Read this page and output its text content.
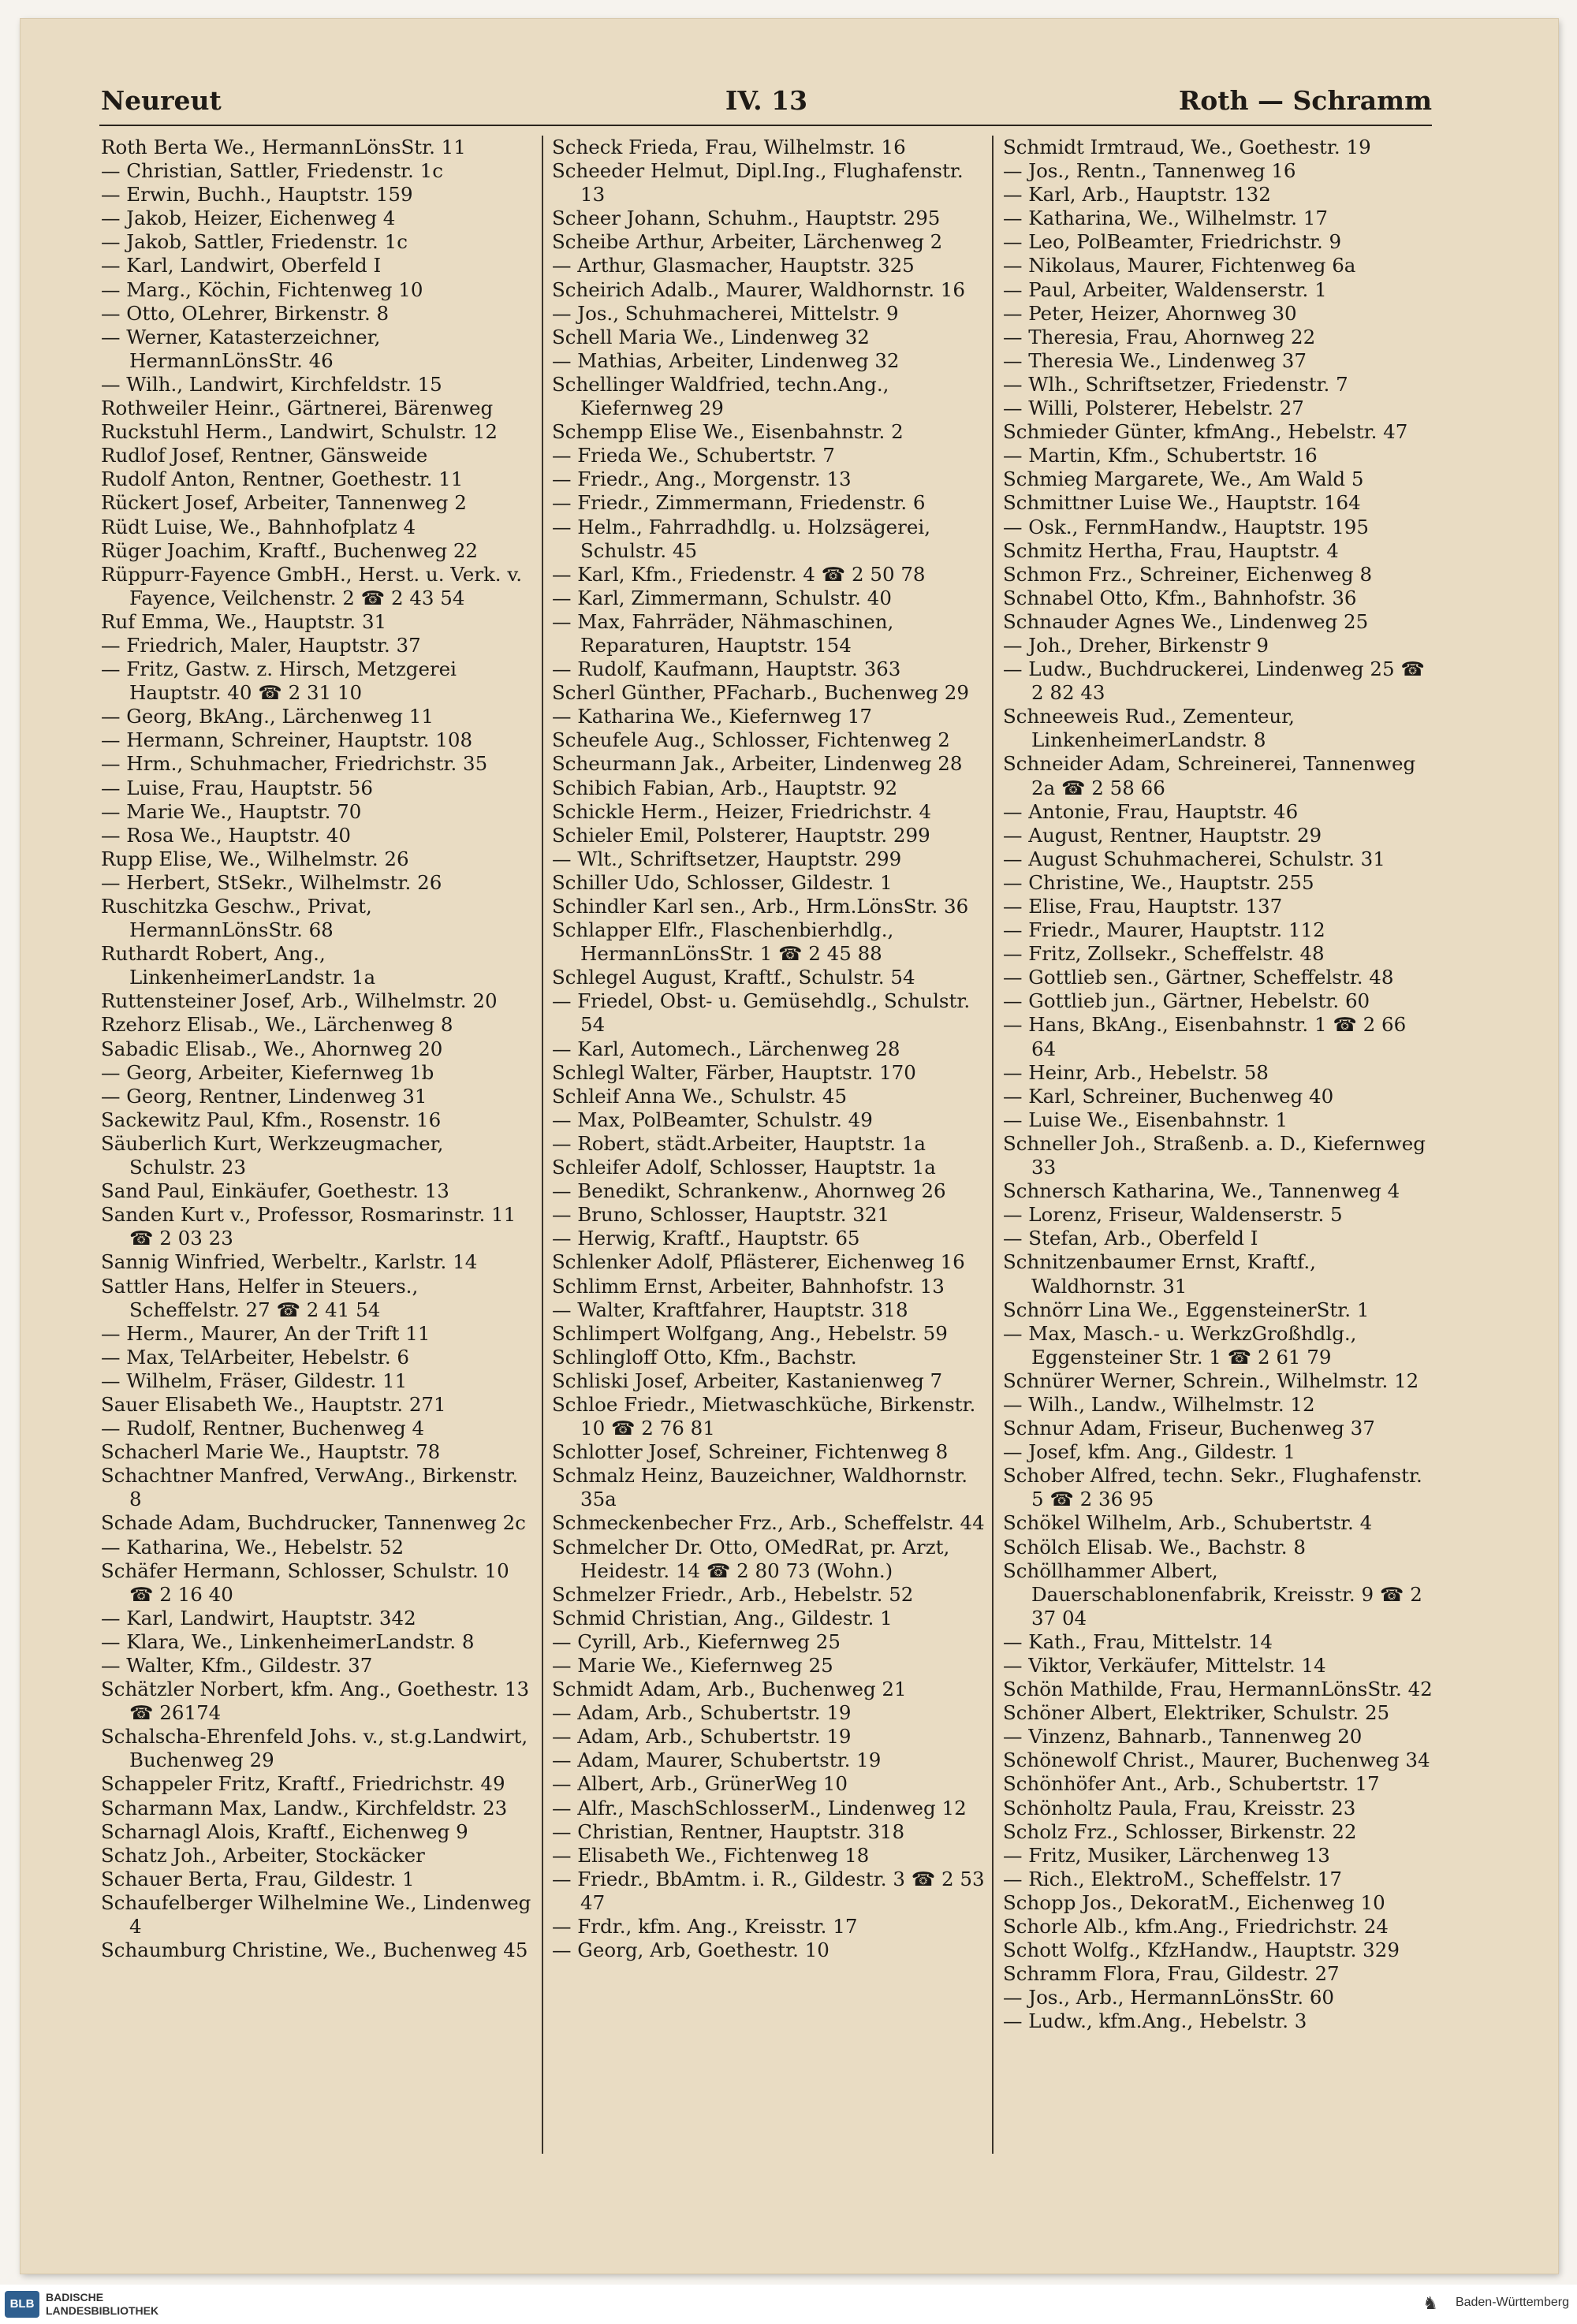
Neureut	IV. 13	Roth — Schramm
Roth Berta We., HermannLönsStr. 11
— Christian, Sattler, Friedenstr. 1c
— Erwin, Buchh., Hauptstr. 159
— Jakob, Heizer, Eichenweg 4
— Jakob, Sattler, Friedenstr. 1c
— Karl, Landwirt, Oberfeld I
— Marg., Köchin, Fichtenweg 10
— Otto, OLehrer, Birkenstr. 8
— Werner, Katasterzeichner, HermannLönsStr. 46
— Wilh., Landwirt, Kirchfeldstr. 15
Rothweiler Heinr., Gärtnerei, Bärenweg
Ruckstuhl Herm., Landwirt, Schulstr. 12
Rudlof Josef, Rentner, Gänsweide
Rudolf Anton, Rentner, Goethestr. 11
Rückert Josef, Arbeiter, Tannenweg 2
Rüdt Luise, We., Bahnhofplatz 4
Rüger Joachim, Kraftf., Buchenweg 22
Rüppurr-Fayence GmbH., Herst. u. Verk. v. Fayence, Veilchenstr. 2 ☎ 2 43 54
Ruf Emma, We., Hauptstr. 31
— Friedrich, Maler, Hauptstr. 37
— Fritz, Gastw. z. Hirsch, Metzgerei Hauptstr. 40 ☎ 2 31 10
— Georg, BkAng., Lärchenweg 11
— Hermann, Schreiner, Hauptstr. 108
— Hrm., Schuhmacher, Friedrichstr. 35
— Luise, Frau, Hauptstr. 56
— Marie We., Hauptstr. 70
— Rosa We., Hauptstr. 40
Rupp Elise, We., Wilhelmstr. 26
— Herbert, StSekr., Wilhelmstr. 26
Ruschitzka Geschw., Privat, HermannLönsStr. 68
Ruthardt Robert, Ang., LinkenheimerLandstr. 1a
Ruttensteiner Josef, Arb., Wilhelmstr. 20
Rzehorz Elisab., We., Lärchenweg 8
Sabadic Elisab., We., Ahornweg 20
— Georg, Arbeiter, Kiefernweg 1b
— Georg, Rentner, Lindenweg 31
Sackewitz Paul, Kfm., Rosenstr. 16
Säuberlich Kurt, Werkzeugmacher, Schulstr. 23
Sand Paul, Einkäufer, Goethestr. 13
Sanden Kurt v., Professor, Rosmarinstr. 11 ☎ 2 03 23
Sannig Winfried, Werbeltr., Karlstr. 14
Sattler Hans, Helfer in Steuers., Scheffelstr. 27 ☎ 2 41 54
— Herm., Maurer, An der Trift 11
— Max, TelArbeiter, Hebelstr. 6
— Wilhelm, Fräser, Gildestr. 11
Sauer Elisabeth We., Hauptstr. 271
— Rudolf, Rentner, Buchenweg 4
Schacherl Marie We., Hauptstr. 78
Schachtner Manfred, VerwAng., Birkenstr. 8
Schade Adam, Buchdrucker, Tannenweg 2c
— Katharina, We., Hebelstr. 52
Schäfer Hermann, Schlosser, Schulstr. 10 ☎ 2 16 40
— Karl, Landwirt, Hauptstr. 342
— Klara, We., LinkenheimerLandstr. 8
— Walter, Kfm., Gildestr. 37
Schätzler Norbert, kfm. Ang., Goethestr. 13 ☎ 26174
Schalscha-Ehrenfeld Johs. v., st.g.Landwirt, Buchenweg 29
Schappeler Fritz, Kraftf., Friedrichstr. 49
Scharmann Max, Landw., Kirchfeldstr. 23
Scharnagl Alois, Kraftf., Eichenweg 9
Schatz Joh., Arbeiter, Stockäcker
Schauer Berta, Frau, Gildestr. 1
Schaufelberger Wilhelmine We., Lindenweg 4
Schaumburg Christine, We., Buchenweg 45
Scheck Frieda, Frau, Wilhelmstr. 16
Scheeder Helmut, Dipl.Ing., Flughafenstr. 13
Scheer Johann, Schuhm., Hauptstr. 295
Scheibe Arthur, Arbeiter, Lärchenweg 2
— Arthur, Glasmacher, Hauptstr. 325
Scheirich Adalb., Maurer, Waldhornstr. 16
— Jos., Schuhmacherei, Mittelstr. 9
Schell Maria We., Lindenweg 32
— Mathias, Arbeiter, Lindenweg 32
Schellinger Waldfried, techn.Ang., Kiefernweg 29
Schempp Elise We., Eisenbahnstr. 2
— Frieda We., Schubertstr. 7
— Friedr., Ang., Morgenstr. 13
— Friedr., Zimmermann, Friedenstr. 6
— Helm., Fahrradhdlg. u. Holzsägerei, Schulstr. 45
— Karl, Kfm., Friedenstr. 4 ☎ 2 50 78
— Karl, Zimmermann, Schulstr. 40
— Max, Fahrräder, Nähmaschinen, Reparaturen, Hauptstr. 154
— Rudolf, Kaufmann, Hauptstr. 363
Scherl Günther, PFacharb., Buchenweg 29
— Katharina We., Kiefernweg 17
Scheufele Aug., Schlosser, Fichtenweg 2
Scheurmann Jak., Arbeiter, Lindenweg 28
Schibich Fabian, Arb., Hauptstr. 92
Schickle Herm., Heizer, Friedrichstr. 4
Schieler Emil, Polsterer, Hauptstr. 299
— Wlt., Schriftsetzer, Hauptstr. 299
Schiller Udo, Schlosser, Gildestr. 1
Schindler Karl sen., Arb., Hrm.LönsStr. 36
Schlapper Elfr., Flaschenbierhdlg., HermannLönsStr. 1 ☎ 2 45 88
Schlegel August, Kraftf., Schulstr. 54
— Friedel, Obst- u. Gemüsehdlg., Schulstr. 54
— Karl, Automech., Lärchenweg 28
Schlegl Walter, Färber, Hauptstr. 170
Schleif Anna We., Schulstr. 45
— Max, PolBeamter, Schulstr. 49
— Robert, städt.Arbeiter, Hauptstr. 1a
Schleifer Adolf, Schlosser, Hauptstr. 1a
— Benedikt, Schrankenw., Ahornweg 26
— Bruno, Schlosser, Hauptstr. 321
— Herwig, Kraftf., Hauptstr. 65
Schlenker Adolf, Pflästerer, Eichenweg 16
Schlimm Ernst, Arbeiter, Bahnhofstr. 13
— Walter, Kraftfahrer, Hauptstr. 318
Schlimpert Wolfgang, Ang., Hebelstr. 59
Schlingloff Otto, Kfm., Bachstr.
Schliski Josef, Arbeiter, Kastanienweg 7
Schloe Friedr., Mietwaschküche, Birkenstr. 10 ☎ 2 76 81
Schlotter Josef, Schreiner, Fichtenweg 8
Schmalz Heinz, Bauzeichner, Waldhornstr. 35a
Schmeckenbecher Frz., Arb., Scheffelstr. 44
Schmelcher Dr. Otto, OMedRat, pr. Arzt, Heidestr. 14 ☎ 2 80 73 (Wohn.)
Schmelzer Friedr., Arb., Hebelstr. 52
Schmid Christian, Ang., Gildestr. 1
— Cyrill, Arb., Kiefernweg 25
— Marie We., Kiefernweg 25
Schmidt Adam, Arb., Buchenweg 21
— Adam, Arb., Schubertstr. 19
— Adam, Arb., Schubertstr. 19
— Adam, Maurer, Schubertstr. 19
— Albert, Arb., GrünerWeg 10
— Alfr., MaschSchlosserM., Lindenweg 12
— Christian, Rentner, Hauptstr. 318
— Elisabeth We., Fichtenweg 18
— Friedr., BbAmtm. i. R., Gildestr. 3 ☎ 2 53 47
— Frdr., kfm. Ang., Kreisstr. 17
— Georg, Arb, Goethestr. 10
Schmidt Irmtraud, We., Goethestr. 19
— Jos., Rentn., Tannenweg 16
— Karl, Arb., Hauptstr. 132
— Katharina, We., Wilhelmstr. 17
— Leo, PolBeamter, Friedrichstr. 9
— Nikolaus, Maurer, Fichtenweg 6a
— Paul, Arbeiter, Waldenserstr. 1
— Peter, Heizer, Ahornweg 30
— Theresia, Frau, Ahornweg 22
— Theresia We., Lindenweg 37
— Wlh., Schriftsetzer, Friedenstr. 7
— Willi, Polsterer, Hebelstr. 27
Schmieder Günter, kfmAng., Hebelstr. 47
— Martin, Kfm., Schubertstr. 16
Schmieg Margarete, We., Am Wald 5
Schmittner Luise We., Hauptstr. 164
— Osk., FernmHandw., Hauptstr. 195
Schmitz Hertha, Frau, Hauptstr. 4
Schmon Frz., Schreiner, Eichenweg 8
Schnabel Otto, Kfm., Bahnhofstr. 36
Schnauder Agnes We., Lindenweg 25
— Joh., Dreher, Birkenstr 9
— Ludw., Buchdruckerei, Lindenweg 25 ☎ 2 82 43
Schneeweis Rud., Zementeur, LinkenheimerLandstr. 8
Schneider Adam, Schreinerei, Tannenweg 2a ☎ 2 58 66
— Antonie, Frau, Hauptstr. 46
— August, Rentner, Hauptstr. 29
— August Schuhmacherei, Schulstr. 31
— Christine, We., Hauptstr. 255
— Elise, Frau, Hauptstr. 137
— Friedr., Maurer, Hauptstr. 112
— Fritz, Zollsekr., Scheffelstr. 48
— Gottlieb sen., Gärtner, Scheffelstr. 48
— Gottlieb jun., Gärtner, Hebelstr. 60
— Hans, BkAng., Eisenbahnstr. 1 ☎ 2 66 64
— Heinr, Arb., Hebelstr. 58
— Karl, Schreiner, Buchenweg 40
— Luise We., Eisenbahnstr. 1
Schneller Joh., Straßenb. a. D., Kiefernweg 33
Schnersch Katharina, We., Tannenweg 4
— Lorenz, Friseur, Waldenserstr. 5
— Stefan, Arb., Oberfeld I
Schnitzenbaumer Ernst, Kraftf., Waldhornstr. 31
Schnörr Lina We., EggensteinerStr. 1
— Max, Masch.- u. WerkzGroßhdlg., Eggensteiner Str. 1 ☎ 2 61 79
Schnürer Werner, Schrein., Wilhelmstr. 12
— Wilh., Landw., Wilhelmstr. 12
Schnur Adam, Friseur, Buchenweg 37
— Josef, kfm. Ang., Gildestr. 1
Schober Alfred, techn. Sekr., Flughafenstr. 5 ☎ 2 36 95
Schökel Wilhelm, Arb., Schubertstr. 4
Schölch Elisab. We., Bachstr. 8
Schöllhammer Albert, Dauerschablonenfabrik, Kreisstr. 9 ☎ 2 37 04
— Kath., Frau, Mittelstr. 14
— Viktor, Verkäufer, Mittelstr. 14
Schön Mathilde, Frau, HermannLönsStr. 42
Schöner Albert, Elektriker, Schulstr. 25
— Vinzenz, Bahnarb., Tannenweg 20
Schönewolf Christ., Maurer, Buchenweg 34
Schönhöfer Ant., Arb., Schubertstr. 17
Schönholtz Paula, Frau, Kreisstr. 23
Scholz Frz., Schlosser, Birkenstr. 22
— Fritz, Musiker, Lärchenweg 13
— Rich., ElektroM., Scheffelstr. 17
Schopp Jos., DekoratM., Eichenweg 10
Schorle Alb., kfm.Ang., Friedrichstr. 24
Schott Wolfg., KfzHandw., Hauptstr. 329
Schramm Flora, Frau, Gildestr. 27
— Jos., Arb., HermannLönsStr. 60
— Ludw., kfm.Ang., Hebelstr. 3
BLB	BADISCHE
LANDESBIBLIOTHEK	♞ Baden-Württemberg
